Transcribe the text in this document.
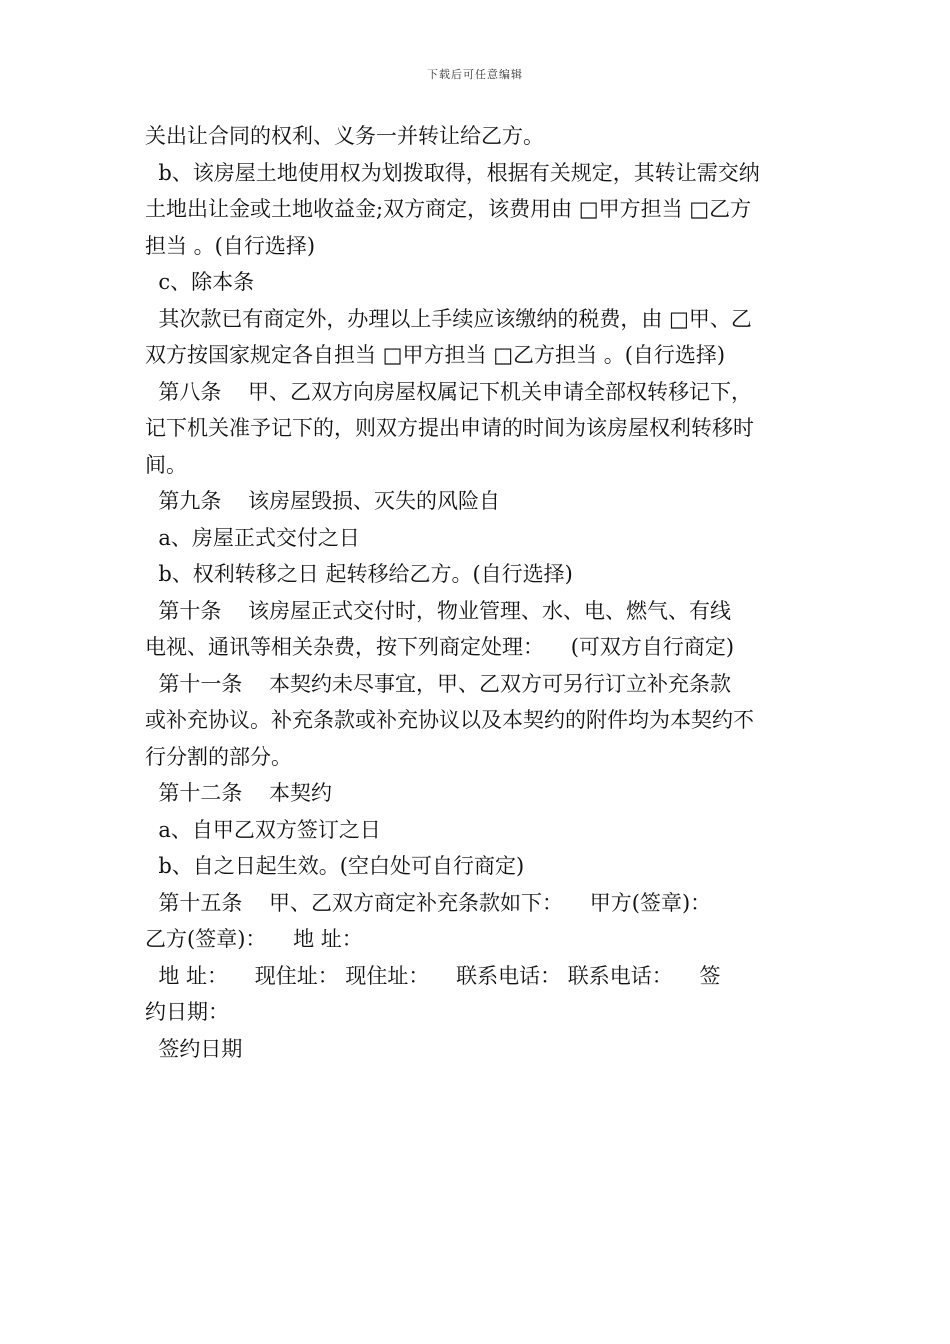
下载后可任意编辑
关出让合同的权利、义务一并转让给乙方。
b、该房屋土地使用权为划拨取得，根据有关规定，其转让需交纳
土地出让金或土地收益金;双方商定，该费用由 □甲方担当 □乙方
担当 。(自行选择)
c、除本条
其次款已有商定外，办理以上手续应该缴纳的税费，由 □甲、乙
双方按国家规定各自担当 □甲方担当 □乙方担当 。(自行选择)
第八条    甲、乙双方向房屋权属记下机关申请全部权转移记下，
记下机关准予记下的，则双方提出申请的时间为该房屋权利转移时
间。
第九条    该房屋毁损、灭失的风险自
a、房屋正式交付之日
b、权利转移之日 起转移给乙方。(自行选择)
第十条    该房屋正式交付时，物业管理、水、电、燃气、有线
电视、通讯等相关杂费，按下列商定处理：    (可双方自行商定)
第十一条    本契约未尽事宜，甲、乙双方可另行订立补充条款
或补充协议。补充条款或补充协议以及本契约的附件均为本契约不
行分割的部分。
第十二条    本契约
a、自甲乙双方签订之日
b、自之日起生效。(空白处可自行商定)
第十五条    甲、乙双方商定补充条款如下：    甲方(签章)：
乙方(签章)：    地 址：
地 址：    现住址： 现住址：    联系电话： 联系电话：    签
约日期：
签约日期
